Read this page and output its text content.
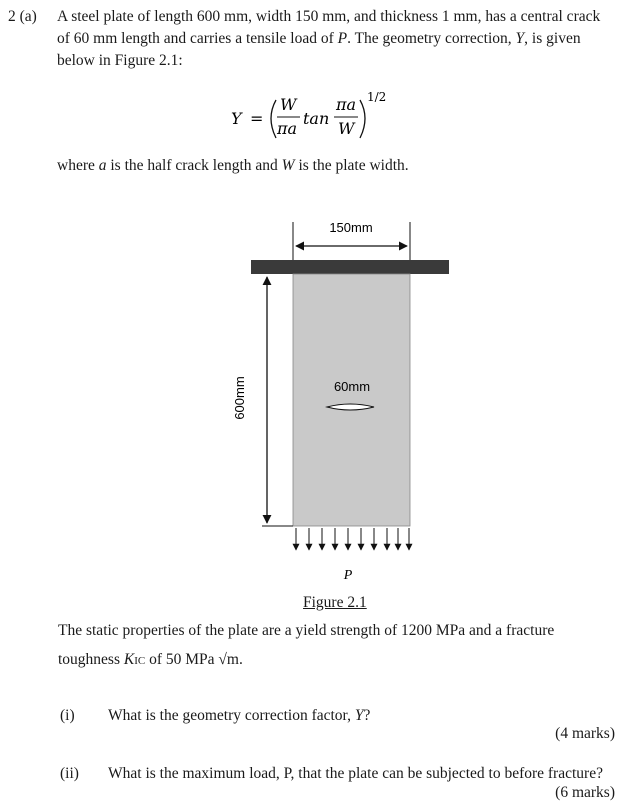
2 (a) A steel plate of length 600 mm, width 150 mm, and thickness 1 mm, has a central crack
of 60 mm length and carries a tensile load of P. The geometry correction, Y, is given
below in Figure 2.1:
Y =
W
πa
tan
πa
W
1/2
where a is the half crack length and W is the plate width.
150mm
60mm
600mm
P
Figure 2.1
The static properties of the plate are a yield strength of 1200 MPa and a fracture
toughness KIC of 50 MPa √m.
(i) What is the geometry correction factor, Y?
(4 marks)
(ii) What is the maximum load, P, that the plate can be subjected to before fracture?
(6 marks)
